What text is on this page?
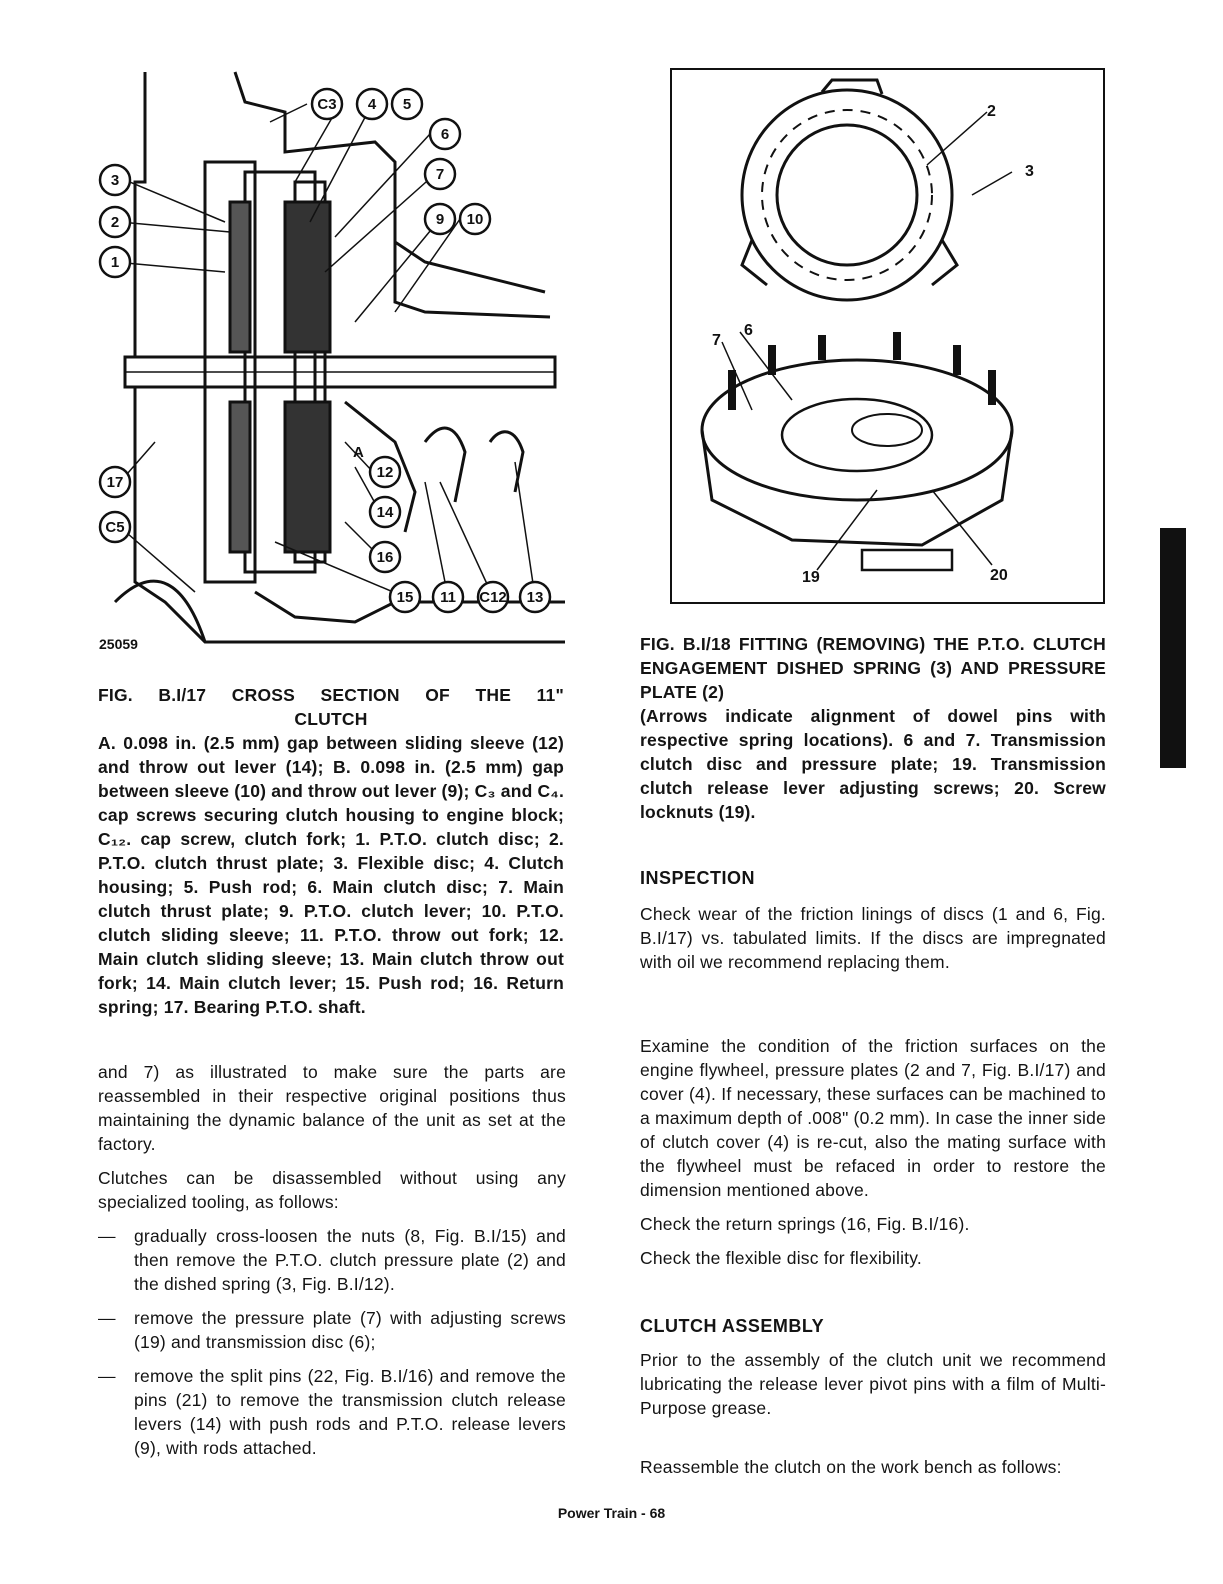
C3 4 5
6
7
9 10
3
2
1
17
C5
12
14
16
15 11 C12 13
A
25059
FIG. B.I/17 CROSS SECTION OF THE 11"
CLUTCH
A. 0.098 in. (2.5 mm) gap between sliding sleeve (12) and throw out lever (14); B. 0.098 in. (2.5 mm) gap between sleeve (10) and throw out lever (9); C₃ and C₄. cap screws securing clutch housing to engine block; C₁₂. cap screw, clutch fork; 1. P.T.O. clutch disc; 2. P.T.O. clutch thrust plate; 3. Flexible disc; 4. Clutch housing; 5. Push rod; 6. Main clutch disc; 7. Main clutch thrust plate; 9. P.T.O. clutch lever; 10. P.T.O. clutch sliding sleeve; 11. P.T.O. throw out fork; 12. Main clutch sliding sleeve; 13. Main clutch throw out fork; 14. Main clutch lever; 15. Push rod; 16. Return spring; 17. Bearing P.T.O. shaft.

and 7) as illustrated to make sure the parts are reassembled in their respective original positions thus maintaining the dynamic balance of the unit as set at the factory.

Clutches can be disassembled without using any specialized tooling, as follows:

—	gradually cross-loosen the nuts (8, Fig. B.I/15) and then remove the P.T.O. clutch pressure plate (2) and the dished spring (3, Fig. B.I/12).
—	remove the pressure plate (7) with adjusting screws (19) and transmission disc (6);
—	remove the split pins (22, Fig. B.I/16) and remove the pins (21) to remove the transmission clutch release levers (14) with push rods and P.T.O. release levers (9), with rods attached.
2
3
6
7
19	20
FIG. B.I/18 FITTING (REMOVING) THE P.T.O. CLUTCH ENGAGEMENT DISHED SPRING (3) AND PRESSURE PLATE (2)
(Arrows indicate alignment of dowel pins with respective spring locations). 6 and 7. Transmission clutch disc and pressure plate; 19. Transmission clutch release lever adjusting screws; 20. Screw locknuts (19).
INSPECTION

Check wear of the friction linings of discs (1 and 6, Fig. B.I/17) vs. tabulated limits. If the discs are impregnated with oil we recommend replacing them.

Examine the condition of the friction surfaces on the engine flywheel, pressure plates (2 and 7, Fig. B.I/17) and cover (4). If necessary, these surfaces can be machined to a maximum depth of .008" (0.2 mm). In case the inner side of clutch cover (4) is re-cut, also the mating surface with the flywheel must be refaced in order to restore the dimension mentioned above.

Check the return springs (16, Fig. B.I/16).

Check the flexible disc for flexibility.

CLUTCH ASSEMBLY

Prior to the assembly of the clutch unit we recommend lubricating the release lever pivot pins with a film of Multi-Purpose grease.

Reassemble the clutch on the work bench as follows:

Power Train - 68
